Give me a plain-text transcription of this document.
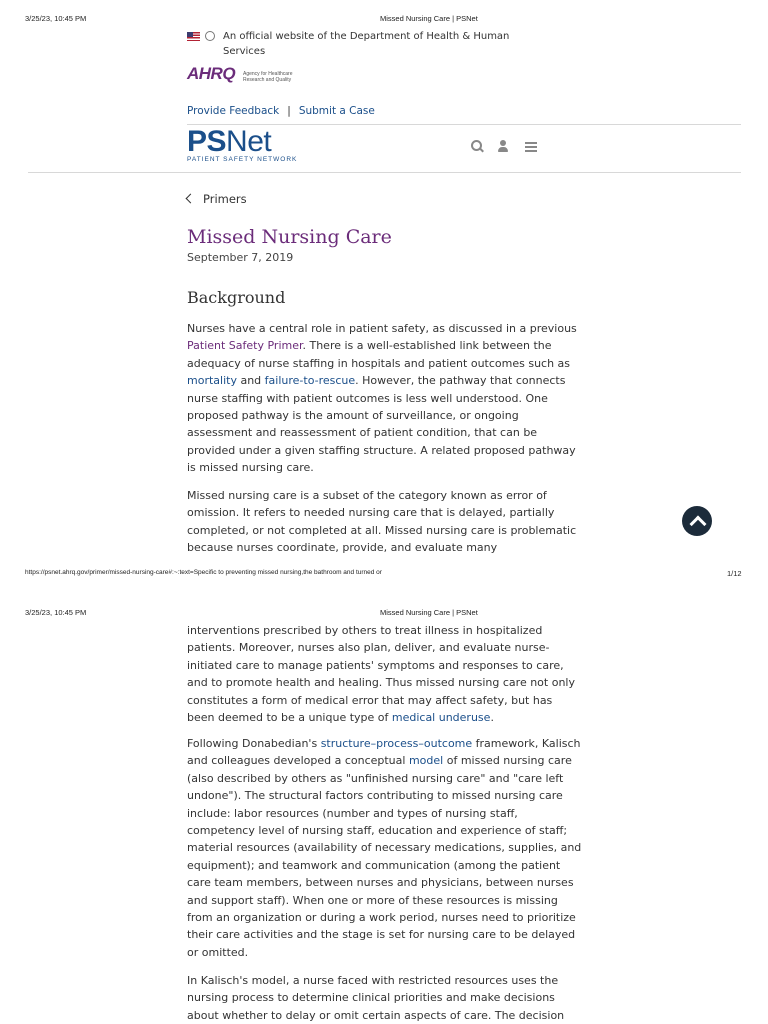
3/25/23, 10:45 PM	Missed Nursing Care | PSNet
An official website of the Department of Health & Human Services
AHRQ Agency for Healthcare Research and Quality
Provide Feedback | Submit a Case
PSNet
PATIENT SAFETY NETWORK
Primers
Missed Nursing Care
September 7, 2019
Background
Nurses have a central role in patient safety, as discussed in a previous Patient Safety Primer. There is a well-established link between the adequacy of nurse staffing in hospitals and patient outcomes such as mortality and failure-to-rescue. However, the pathway that connects nurse staffing with patient outcomes is less well understood. One proposed pathway is the amount of surveillance, or ongoing assessment and reassessment of patient condition, that can be provided under a given staffing structure. A related proposed pathway is missed nursing care.
Missed nursing care is a subset of the category known as error of omission. It refers to needed nursing care that is delayed, partially completed, or not completed at all. Missed nursing care is problematic because nurses coordinate, provide, and evaluate many
https://psnet.ahrq.gov/primer/missed-nursing-care#:~:text=Specific to preventing missed nursing,the bathroom and turned or	1/12
3/25/23, 10:45 PM	Missed Nursing Care | PSNet
interventions prescribed by others to treat illness in hospitalized patients. Moreover, nurses also plan, deliver, and evaluate nurse-initiated care to manage patients' symptoms and responses to care, and to promote health and healing. Thus missed nursing care not only constitutes a form of medical error that may affect safety, but has been deemed to be a unique type of medical underuse.
Following Donabedian's structure–process–outcome framework, Kalisch and colleagues developed a conceptual model of missed nursing care (also described by others as "unfinished nursing care" and "care left undone"). The structural factors contributing to missed nursing care include: labor resources (number and types of nursing staff, competency level of nursing staff, education and experience of staff; material resources (availability of necessary medications, supplies, and equipment); and teamwork and communication (among the patient care team members, between nurses and physicians, between nurses and support staff). When one or more of these resources is missing from an organization or during a work period, nurses need to prioritize their care activities and the stage is set for nursing care to be delayed or omitted.
In Kalisch's model, a nurse faced with restricted resources uses the nursing process to determine clinical priorities and make decisions about whether to delay or omit certain aspects of care. The decision
